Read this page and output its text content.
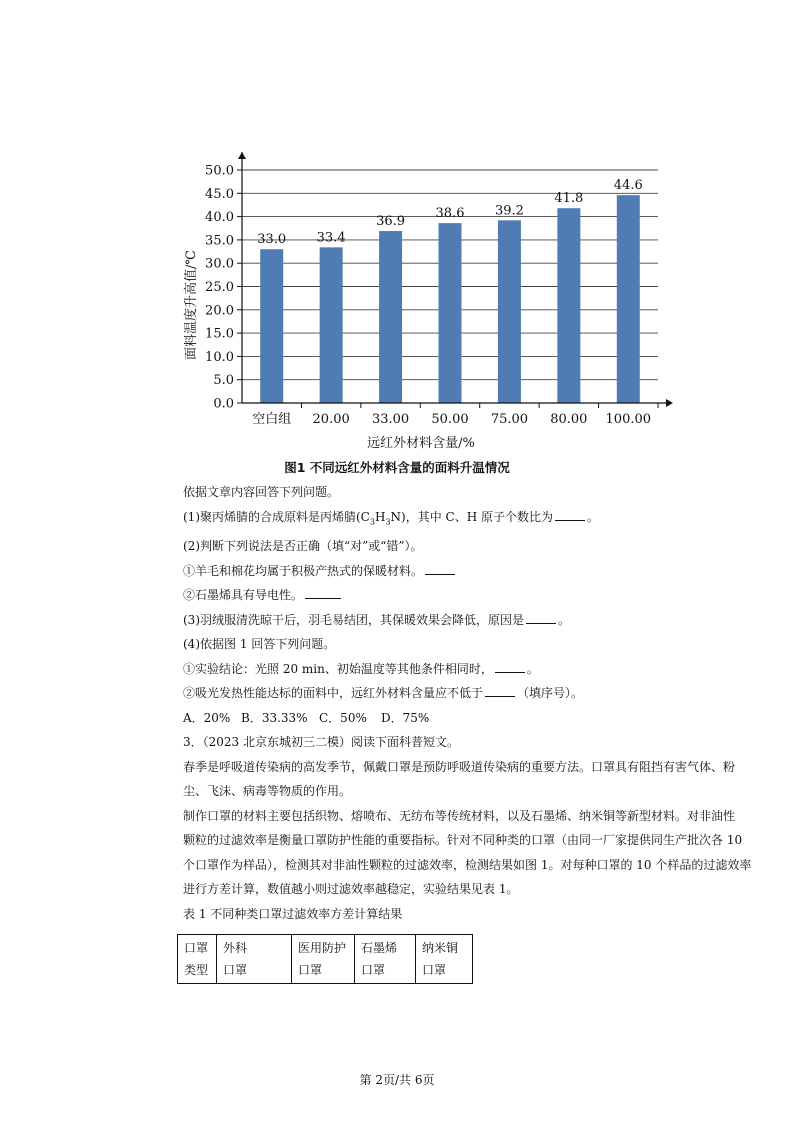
0.0
5.0
10.0
15.0
20.0
25.0
30.0
35.0
40.0
45.0
50.0
空白组 20.00 33.00 50.00 75.00 80.00 100.00
33.0 33.4
36.9
38.6 39.2
41.8
44.6
面料温度升高值/℃
远红外材料含量/%
图1 不同远红外材料含量的面料升温情况

依据文章内容回答下列问题。

(1)聚丙烯腈的合成原料是丙烯腈$(C_3H_3N)$，其中 C、H 原子个数比为	。

(2)判断下列说法是否正确（填“对”或“错”）。

①羊毛和棉花均属于积极产热式的保暖材料。

②石墨烯具有导电性。

(3)羽绒服清洗晾干后，羽毛易结团，其保暖效果会降低，原因是	。

(4)依据图 1 回答下列问题。

①实验结论：光照 20 min、初始温度等其他条件相同时，	。

②吸光发热性能达标的面料中，远红外材料含量应不低于	（填序号）。

A．20% B．33.33% C．50% D．75%

3．（2023 北京东城初三二模）阅读下面科普短文。

春季是呼吸道传染病的高发季节，佩戴口罩是预防呼吸道传染病的重要方法。口罩具有阻挡有害气体、粉

尘、飞沫、病毒等物质的作用。

制作口罩的材料主要包括织物、熔喷布、无纺布等传统材料，以及石墨烯、纳米铜等新型材料。对非油性

颗粒的过滤效率是衡量口罩防护性能的重要指标。针对不同种类的口罩（由同一厂家提供同生产批次各 10

个口罩作为样品），检测其对非油性颗粒的过滤效率，检测结果如图 1。对每种口罩的 10 个样品的过滤效率

进行方差计算，数值越小则过滤效率越稳定，实验结果见表 1。

表 1 不同种类口罩过滤效率方差计算结果

口罩
类型

外科
口罩

医用防护
口罩

石墨烯
口罩

纳米铜
口罩
第 2页/共 6页
